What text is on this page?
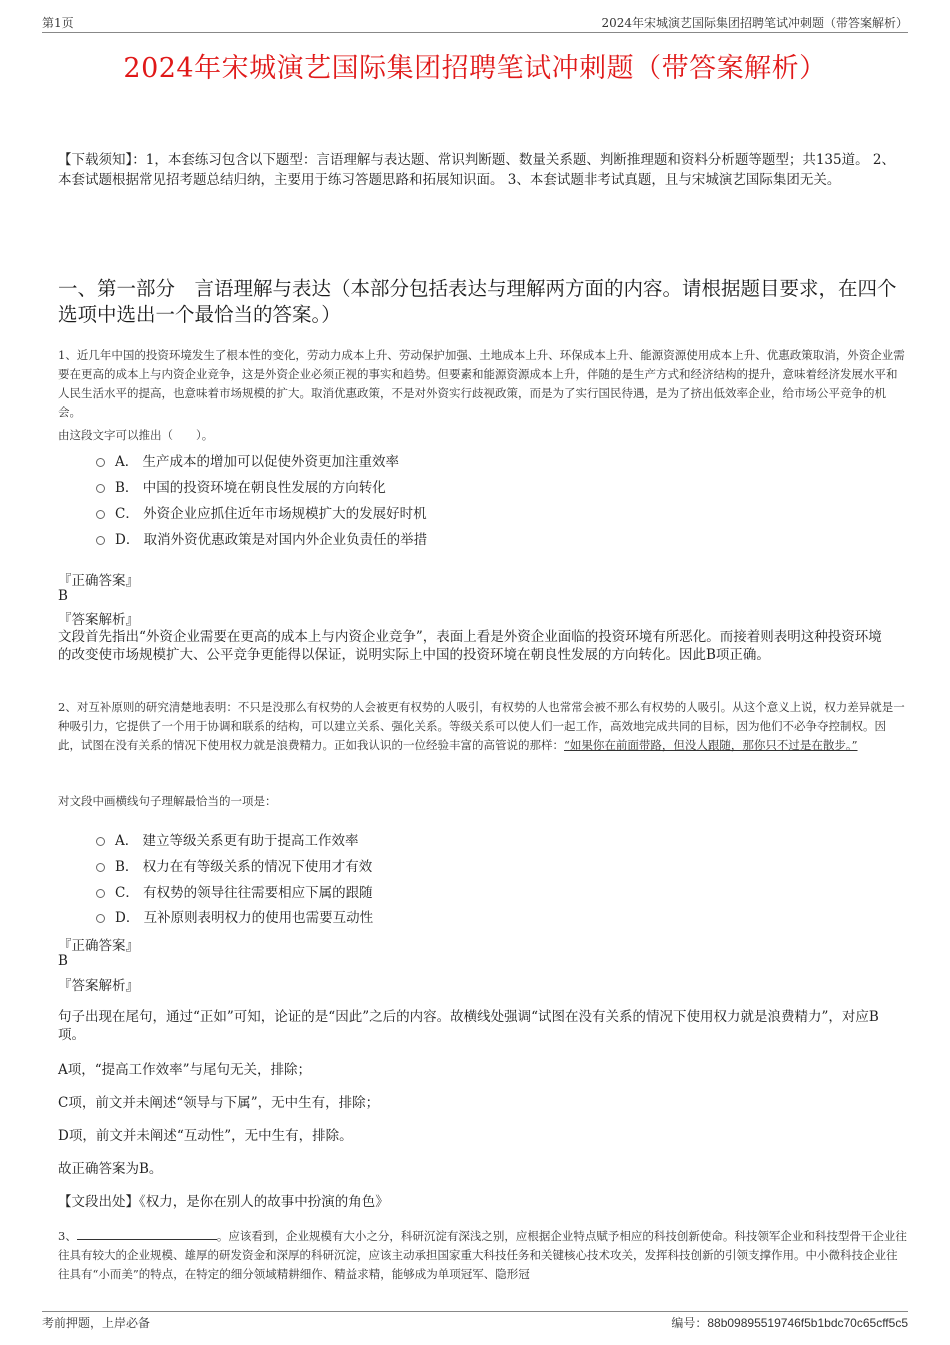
第1页	2024年宋城演艺国际集团招聘笔试冲刺题（带答案解析）
2024年宋城演艺国际集团招聘笔试冲刺题（带答案解析）
【下载须知】：1，本套练习包含以下题型：言语理解与表达题、常识判断题、数量关系题、判断推理题和资料分析题等题型；共135道。 2、本套试题根据常见招考题总结归纳，主要用于练习答题思路和拓展知识面。 3、本套试题非考试真题，且与宋城演艺国际集团无关。
一、第一部分　言语理解与表达（本部分包括表达与理解两方面的内容。请根据题目要求，在四个选项中选出一个最恰当的答案。）
1、近几年中国的投资环境发生了根本性的变化，劳动力成本上升、劳动保护加强、土地成本上升、环保成本上升、能源资源使用成本上升、优惠政策取消，外资企业需要在更高的成本上与内资企业竞争，这是外资企业必须正视的事实和趋势。但要素和能源资源成本上升，伴随的是生产方式和经济结构的提升，意味着经济发展水平和人民生活水平的提高，也意味着市场规模的扩大。取消优惠政策，不是对外资实行歧视政策，而是为了实行国民待遇，是为了挤出低效率企业，给市场公平竞争的机会。
由这段文字可以推出（　　）。
A． 生产成本的增加可以促使外资更加注重效率
B． 中国的投资环境在朝良性发展的方向转化
C． 外资企业应抓住近年市场规模扩大的发展好时机
D． 取消外资优惠政策是对国内外企业负责任的举措
『正确答案』
B
『答案解析』
文段首先指出“外资企业需要在更高的成本上与内资企业竞争”，表面上看是外资企业面临的投资环境有所恶化。而接着则表明这种投资环境的改变使市场规模扩大、公平竞争更能得以保证，说明实际上中国的投资环境在朝良性发展的方向转化。因此B项正确。
2、对互补原则的研究清楚地表明：不只是没那么有权势的人会被更有权势的人吸引，有权势的人也常常会被不那么有权势的人吸引。从这个意义上说，权力差异就是一种吸引力，它提供了一个用于协调和联系的结构，可以建立关系、强化关系。等级关系可以使人们一起工作，高效地完成共同的目标，因为他们不必争夺控制权。因此，试图在没有关系的情况下使用权力就是浪费精力。正如我认识的一位经验丰富的高管说的那样：“如果你在前面带路，但没人跟随，那你只不过是在散步。”
对文段中画横线句子理解最恰当的一项是：
A． 建立等级关系更有助于提高工作效率
B． 权力在有等级关系的情况下使用才有效
C． 有权势的领导往往需要相应下属的跟随
D． 互补原则表明权力的使用也需要互动性
『正确答案』
B
『答案解析』
句子出现在尾句，通过“正如”可知，论证的是“因此”之后的内容。故横线处强调“试图在没有关系的情况下使用权力就是浪费精力”，对应B项。
A项，“提高工作效率”与尾句无关，排除；
C项，前文并未阐述“领导与下属”，无中生有，排除；
D项，前文并未阐述“互动性”，无中生有，排除。
故正确答案为B。
【文段出处】《权力，是你在别人的故事中扮演的角色》
3、	。应该看到，企业规模有大小之分，科研沉淀有深浅之别，应根据企业特点赋予相应的科技创新使命。科技领军企业和科技型骨干企业往往具有较大的企业规模、雄厚的研发资金和深厚的科研沉淀，应该主动承担国家重大科技任务和关键核心技术攻关，发挥科技创新的引领支撑作用。中小微科技企业往往具有“小而美”的特点，在特定的细分领域精耕细作、精益求精，能够成为单项冠军、隐形冠
考前押题，上岸必备	编号：88b09895519746f5b1bdc70c65cff5c5
